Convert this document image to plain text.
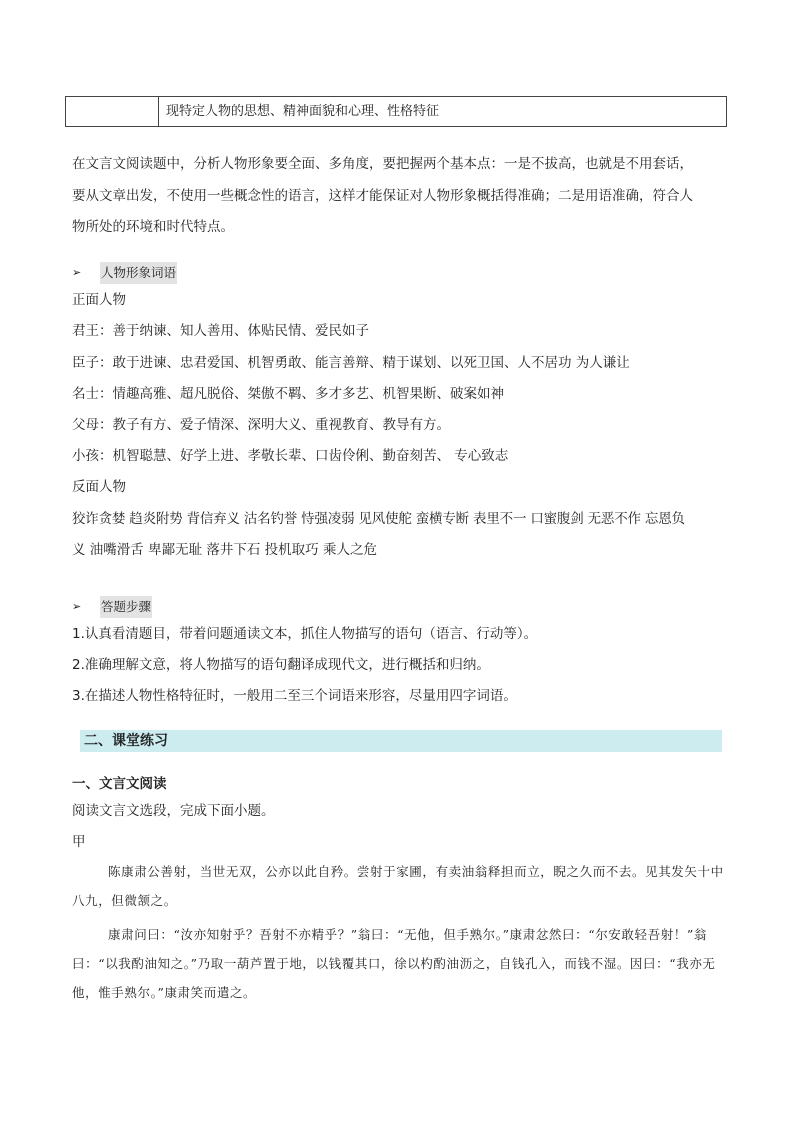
现特定人物的思想、精神面貌和心理、性格特征
在文言文阅读题中，分析人物形象要全面、多角度，要把握两个基本点：一是不拔高，也就是不用套话，
要从文章出发，不使用一些概念性的语言，这样才能保证对人物形象概括得准确；二是用语准确，符合人
物所处的环境和时代特点。
➢	人物形象词语
正面人物
君王：善于纳谏、知人善用、体贴民情、爱民如子
臣子：敢于进谏、忠君爱国、机智勇敢、能言善辩、精于谋划、以死卫国、人不居功 为人谦让
名士：情趣高雅、超凡脱俗、桀傲不羁、多才多艺、机智果断、破案如神
父母：教子有方、爱子情深、深明大义、重视教育、教导有方。
小孩：机智聪慧、好学上进、孝敬长辈、口齿伶俐、勤奋刻苦、 专心致志
反面人物
狡诈贪婪 趋炎附势 背信弃义 沽名钓誉 恃强凌弱 见风使舵 蛮横专断 表里不一 口蜜腹剑 无恶不作 忘恩负
义 油嘴滑舌 卑鄙无耻 落井下石 投机取巧 乘人之危
➢	答题步骤
1.认真看清题目，带着问题通读文本，抓住人物描写的语句（语言、行动等）。
2.准确理解文意，将人物描写的语句翻译成现代文，进行概括和归纳。
3.在描述人物性格特征时，一般用二至三个词语来形容，尽量用四字词语。
二、课堂练习
一、文言文阅读
阅读文言文选段，完成下面小题。
甲
陈康肃公善射，当世无双，公亦以此自矜。尝射于家圃，有卖油翁释担而立，睨之久而不去。见其发矢十中八九，但微颔之。
康肃问曰：“汝亦知射乎？吾射不亦精乎？”翁曰：“无他，但手熟尔。”康肃忿然曰：“尔安敢轻吾射！”翁曰：“以我酌油知之。”乃取一葫芦置于地，以钱覆其口，徐以杓酌油沥之，自钱孔入，而钱不湿。因曰：“我亦无他，惟手熟尔。”康肃笑而遣之。
